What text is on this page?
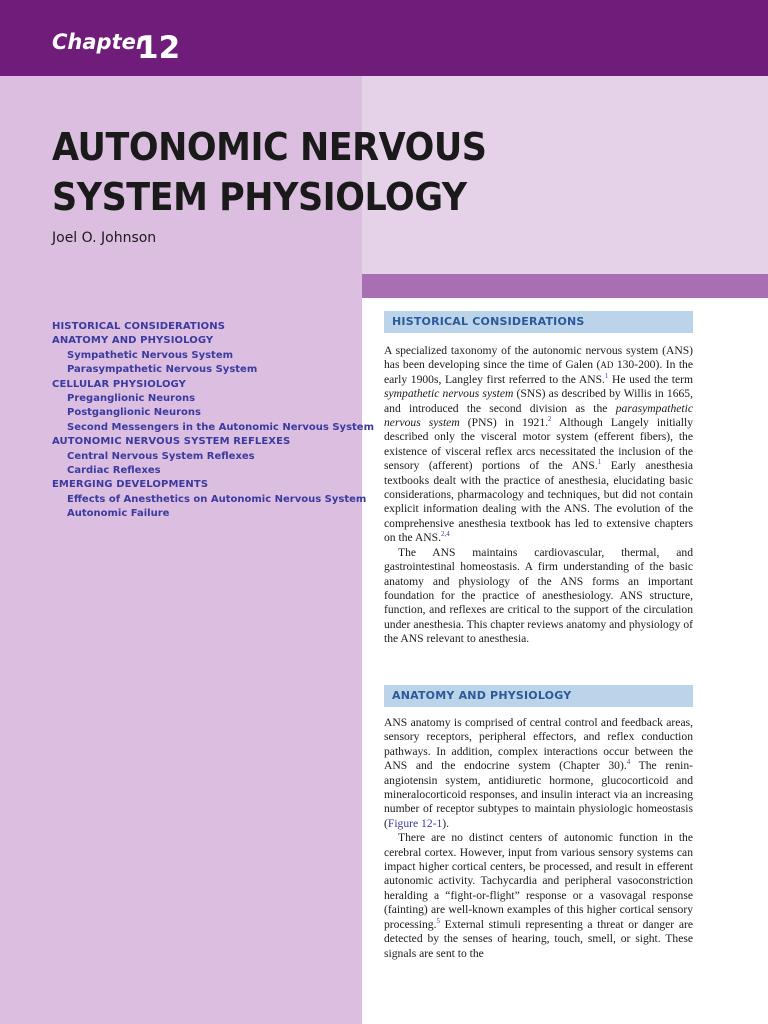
Chapter
12
AUTONOMIC NERVOUS
SYSTEM PHYSIOLOGY
Joel O. Johnson
HISTORICAL CONSIDERATIONS
ANATOMY AND PHYSIOLOGY
Sympathetic Nervous System
Parasympathetic Nervous System
CELLULAR PHYSIOLOGY
Preganglionic Neurons
Postganglionic Neurons
Second Messengers in the Autonomic Nervous System
AUTONOMIC NERVOUS SYSTEM REFLEXES
Central Nervous System Reflexes
Cardiac Reflexes
EMERGING DEVELOPMENTS
Effects of Anesthetics on Autonomic Nervous System
Autonomic Failure
HISTORICAL CONSIDERATIONS

A specialized taxonomy of the autonomic nervous system (ANS) has been developing since the time of Galen (AD 130-200). In the early 1900s, Langley first referred to the ANS.$^1$ He used the term sympathetic nervous system (SNS) as described by Willis in 1665, and introduced the second division as the parasympathetic nervous system (PNS) in 1921.$^2$ Although Langely initially described only the visceral motor system (efferent fibers), the existence of visceral reflex arcs necessitated the inclusion of the sensory (afferent) portions of the ANS.$^1$ Early anesthesia textbooks dealt with the practice of anesthesia, elucidating basic considerations, pharmacology and techniques, but did not contain explicit information dealing with the ANS. The evolution of the comprehensive anesthesia textbook has led to extensive chapters on the ANS.$^{2,4}$

The ANS maintains cardiovascular, thermal, and gastrointestinal homeostasis. A firm understanding of the basic anatomy and physiology of the ANS forms an important foundation for the practice of anesthesiology. ANS structure, function, and reflexes are critical to the support of the circulation under anesthesia. This chapter reviews anatomy and physiology of the ANS relevant to anesthesia.

ANATOMY AND PHYSIOLOGY

ANS anatomy is comprised of central control and feedback areas, sensory receptors, peripheral effectors, and reflex conduction pathways. In addition, complex interactions occur between the ANS and the endocrine system (Chapter 30).$^4$ The renin-angiotensin system, antidiuretic hormone, glucocorticoid and mineralocorticoid responses, and insulin interact via an increasing number of receptor subtypes to maintain physiologic homeostasis (Figure 12-1).

There are no distinct centers of autonomic function in the cerebral cortex. However, input from various sensory systems can impact higher cortical centers, be processed, and result in efferent autonomic activity. Tachycardia and peripheral vasoconstriction heralding a “fight-or-flight” response or a vasovagal response (fainting) are well-known examples of this higher cortical sensory processing.$^5$ External stimuli representing a threat or danger are detected by the senses of hearing, touch, smell, or sight. These signals are sent to the
